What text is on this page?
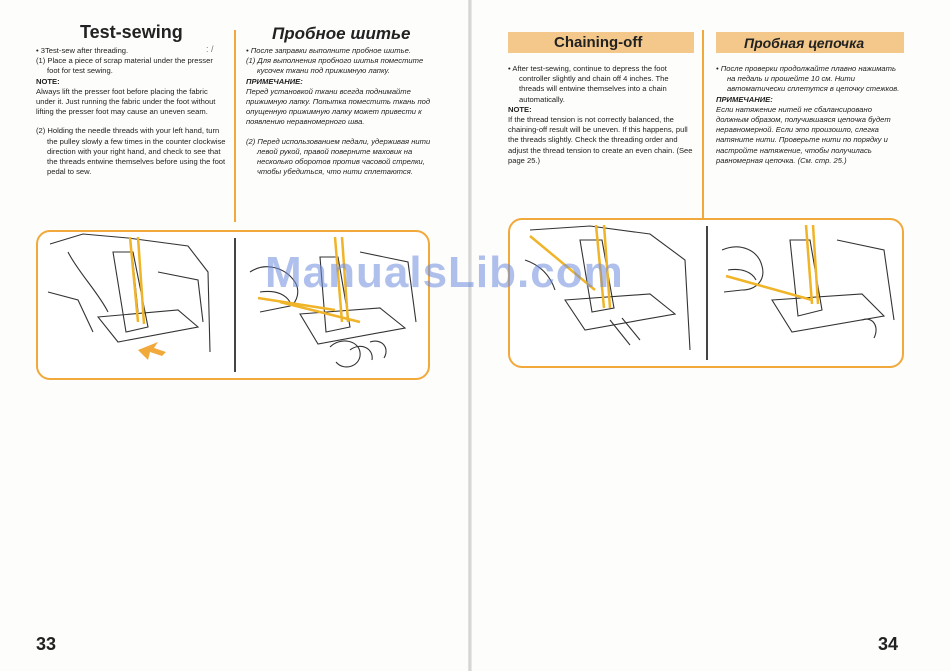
Test-sewing
: /

• 3Test-sew after threading.

(1) Place a piece of scrap material under the presser foot for test sewing.

NOTE:

Always lift the presser foot before placing the fabric under it. Just running the fabric under the foot without lifting the presser foot may cause an uneven seam.

(2) Holding the needle threads with your left hand, turn the pulley slowly a few times in the counter clockwise direction with your right hand, and check to see that the threads entwine themselves before using the foot pedal to sew.

Пробное шитье

• После заправки выполните пробное шитье.

(1) Для выполнения пробного шитья поместите кусочек ткани под прижимную лапку.

ПРИМЕЧАНИЕ:

Перед установкой ткани всегда поднимайте прижимную лапку. Попытка поместить ткань под опущенную прижимную лапку может привести к появлению неравномерного шва.

(2) Перед использованием педали, удерживая нити левой рукой, правой поверните маховик на несколько оборотов против часовой стрелки, чтобы убедиться, что нити сплетаются.

33
Chaining-off

• After test-sewing, continue to depress the foot controller slightly and chain off 4 inches. The threads will entwine themselves into a chain automatically.

NOTE:

If the thread tension is not correctly balanced, the chaining-off result will be uneven. If this happens, pull the threads slightly. Check the threading order and adjust the thread tension to create an even chain. (See page 25.)

Пробная цепочка

• После проверки продолжайте плавно нажимать на педаль и прошейте 10 см. Нити автоматически сплетутся в цепочку стежков.

ПРИМЕЧАНИЕ:

Если натяжение нитей не сбалансировано должным образом, получившаяся цепочка будет неравномерной. Если это произошло, слегка натяните нити. Проверьте нити по порядку и настройте натяжение, чтобы получилась равномерная цепочка. (См. стр. 25.)

34
ManualsLib.com
